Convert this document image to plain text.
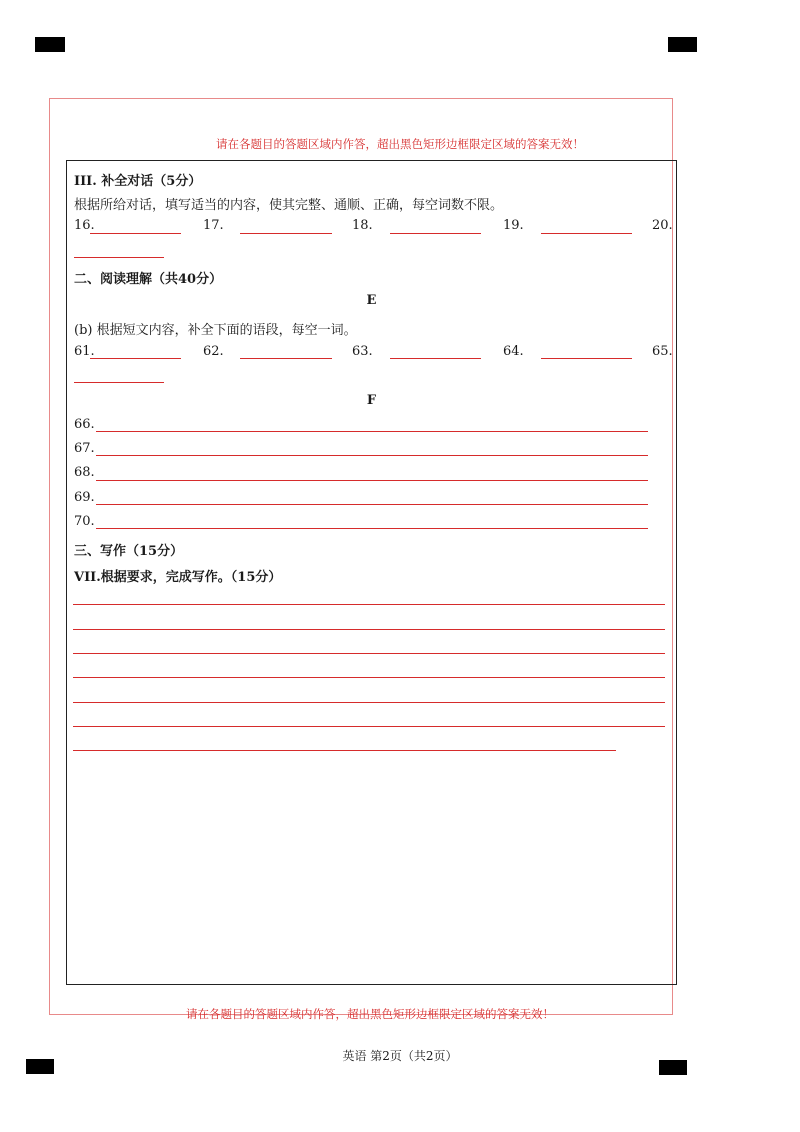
请在各题目的答题区域内作答，超出黑色矩形边框限定区域的答案无效！
III. 补全对话（5分）
根据所给对话，填写适当的内容，使其完整、通顺、正确，每空词数不限。
16.	17.	18.	19.	20.
二、阅读理解（共40分）
E
(b) 根据短文内容，补全下面的语段，每空一词。
61.	62.	63.	64.	65.
F
66.
67.
68.
69.
70.
三、写作（15分）
VII.根据要求，完成写作。（15分）
请在各题目的答题区域内作答，超出黑色矩形边框限定区域的答案无效！
英语 第2页（共2页）
